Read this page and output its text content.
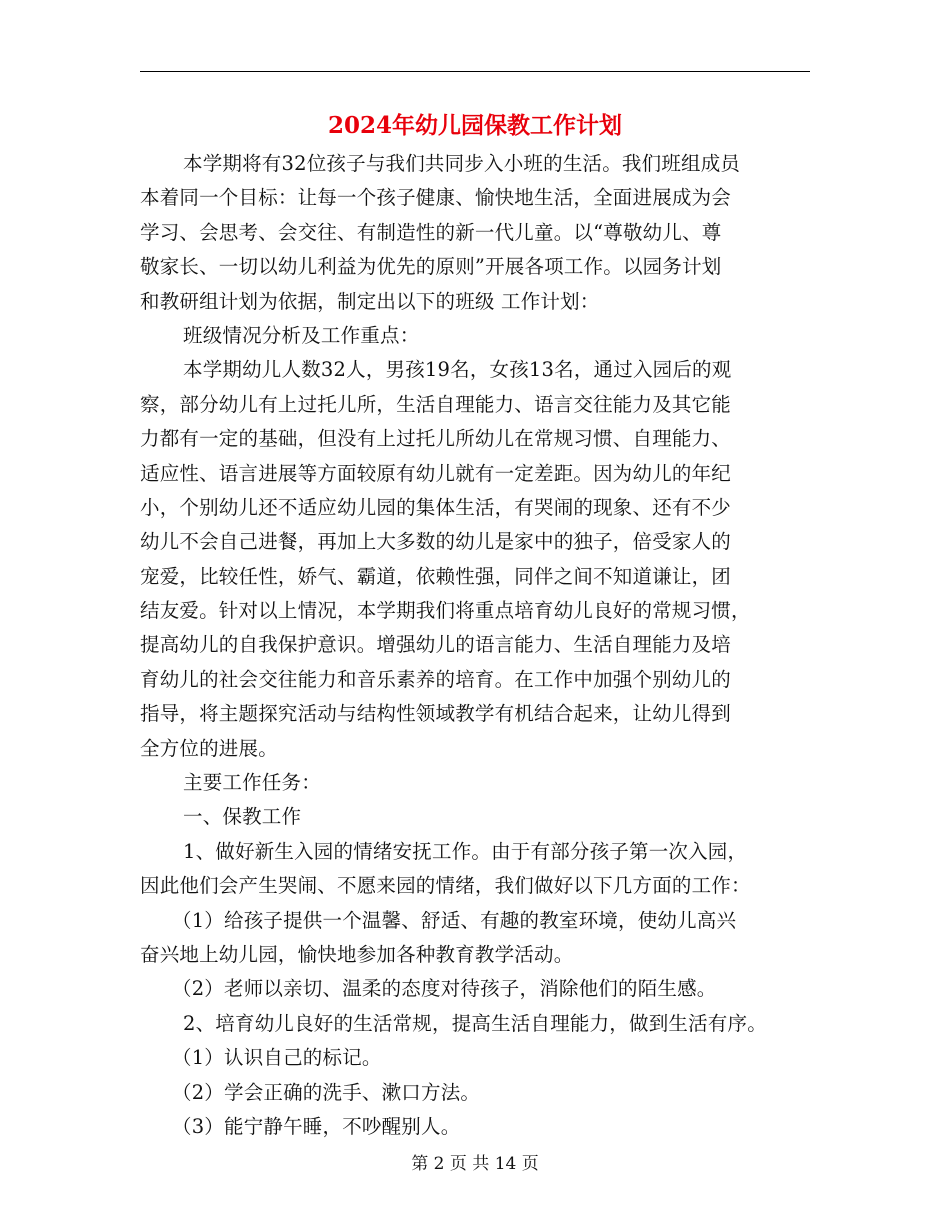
2024年幼儿园保教工作计划
本学期将有32位孩子与我们共同步入小班的生活。我们班组成员
本着同一个目标：让每一个孩子健康、愉快地生活，全面进展成为会
学习、会思考、会交往、有制造性的新一代儿童。以“尊敬幼儿、尊
敬家长、一切以幼儿利益为优先的原则”开展各项工作。以园务计划
和教研组计划为依据，制定出以下的班级 工作计划：
班级情况分析及工作重点：
本学期幼儿人数32人，男孩19名，女孩13名，通过入园后的观
察，部分幼儿有上过托儿所，生活自理能力、语言交往能力及其它能
力都有一定的基础，但没有上过托儿所幼儿在常规习惯、自理能力、
适应性、语言进展等方面较原有幼儿就有一定差距。因为幼儿的年纪
小，个别幼儿还不适应幼儿园的集体生活，有哭闹的现象、还有不少
幼儿不会自己进餐，再加上大多数的幼儿是家中的独子，倍受家人的
宠爱，比较任性，娇气、霸道，依赖性强，同伴之间不知道谦让，团
结友爱。针对以上情况，本学期我们将重点培育幼儿良好的常规习惯，
提高幼儿的自我保护意识。增强幼儿的语言能力、生活自理能力及培
育幼儿的社会交往能力和音乐素养的培育。在工作中加强个别幼儿的
指导，将主题探究活动与结构性领域教学有机结合起来，让幼儿得到
全方位的进展。
主要工作任务：
一、保教工作
1、做好新生入园的情绪安抚工作。由于有部分孩子第一次入园，
因此他们会产生哭闹、不愿来园的情绪，我们做好以下几方面的工作：
（1）给孩子提供一个温馨、舒适、有趣的教室环境，使幼儿高兴
奋兴地上幼儿园，愉快地参加各种教育教学活动。
（2）老师以亲切、温柔的态度对待孩子，消除他们的陌生感。
2、培育幼儿良好的生活常规，提高生活自理能力，做到生活有序。
（1）认识自己的标记。
（2）学会正确的洗手、漱口方法。
（3）能宁静午睡，不吵醒别人。
第 2 页 共 14 页
